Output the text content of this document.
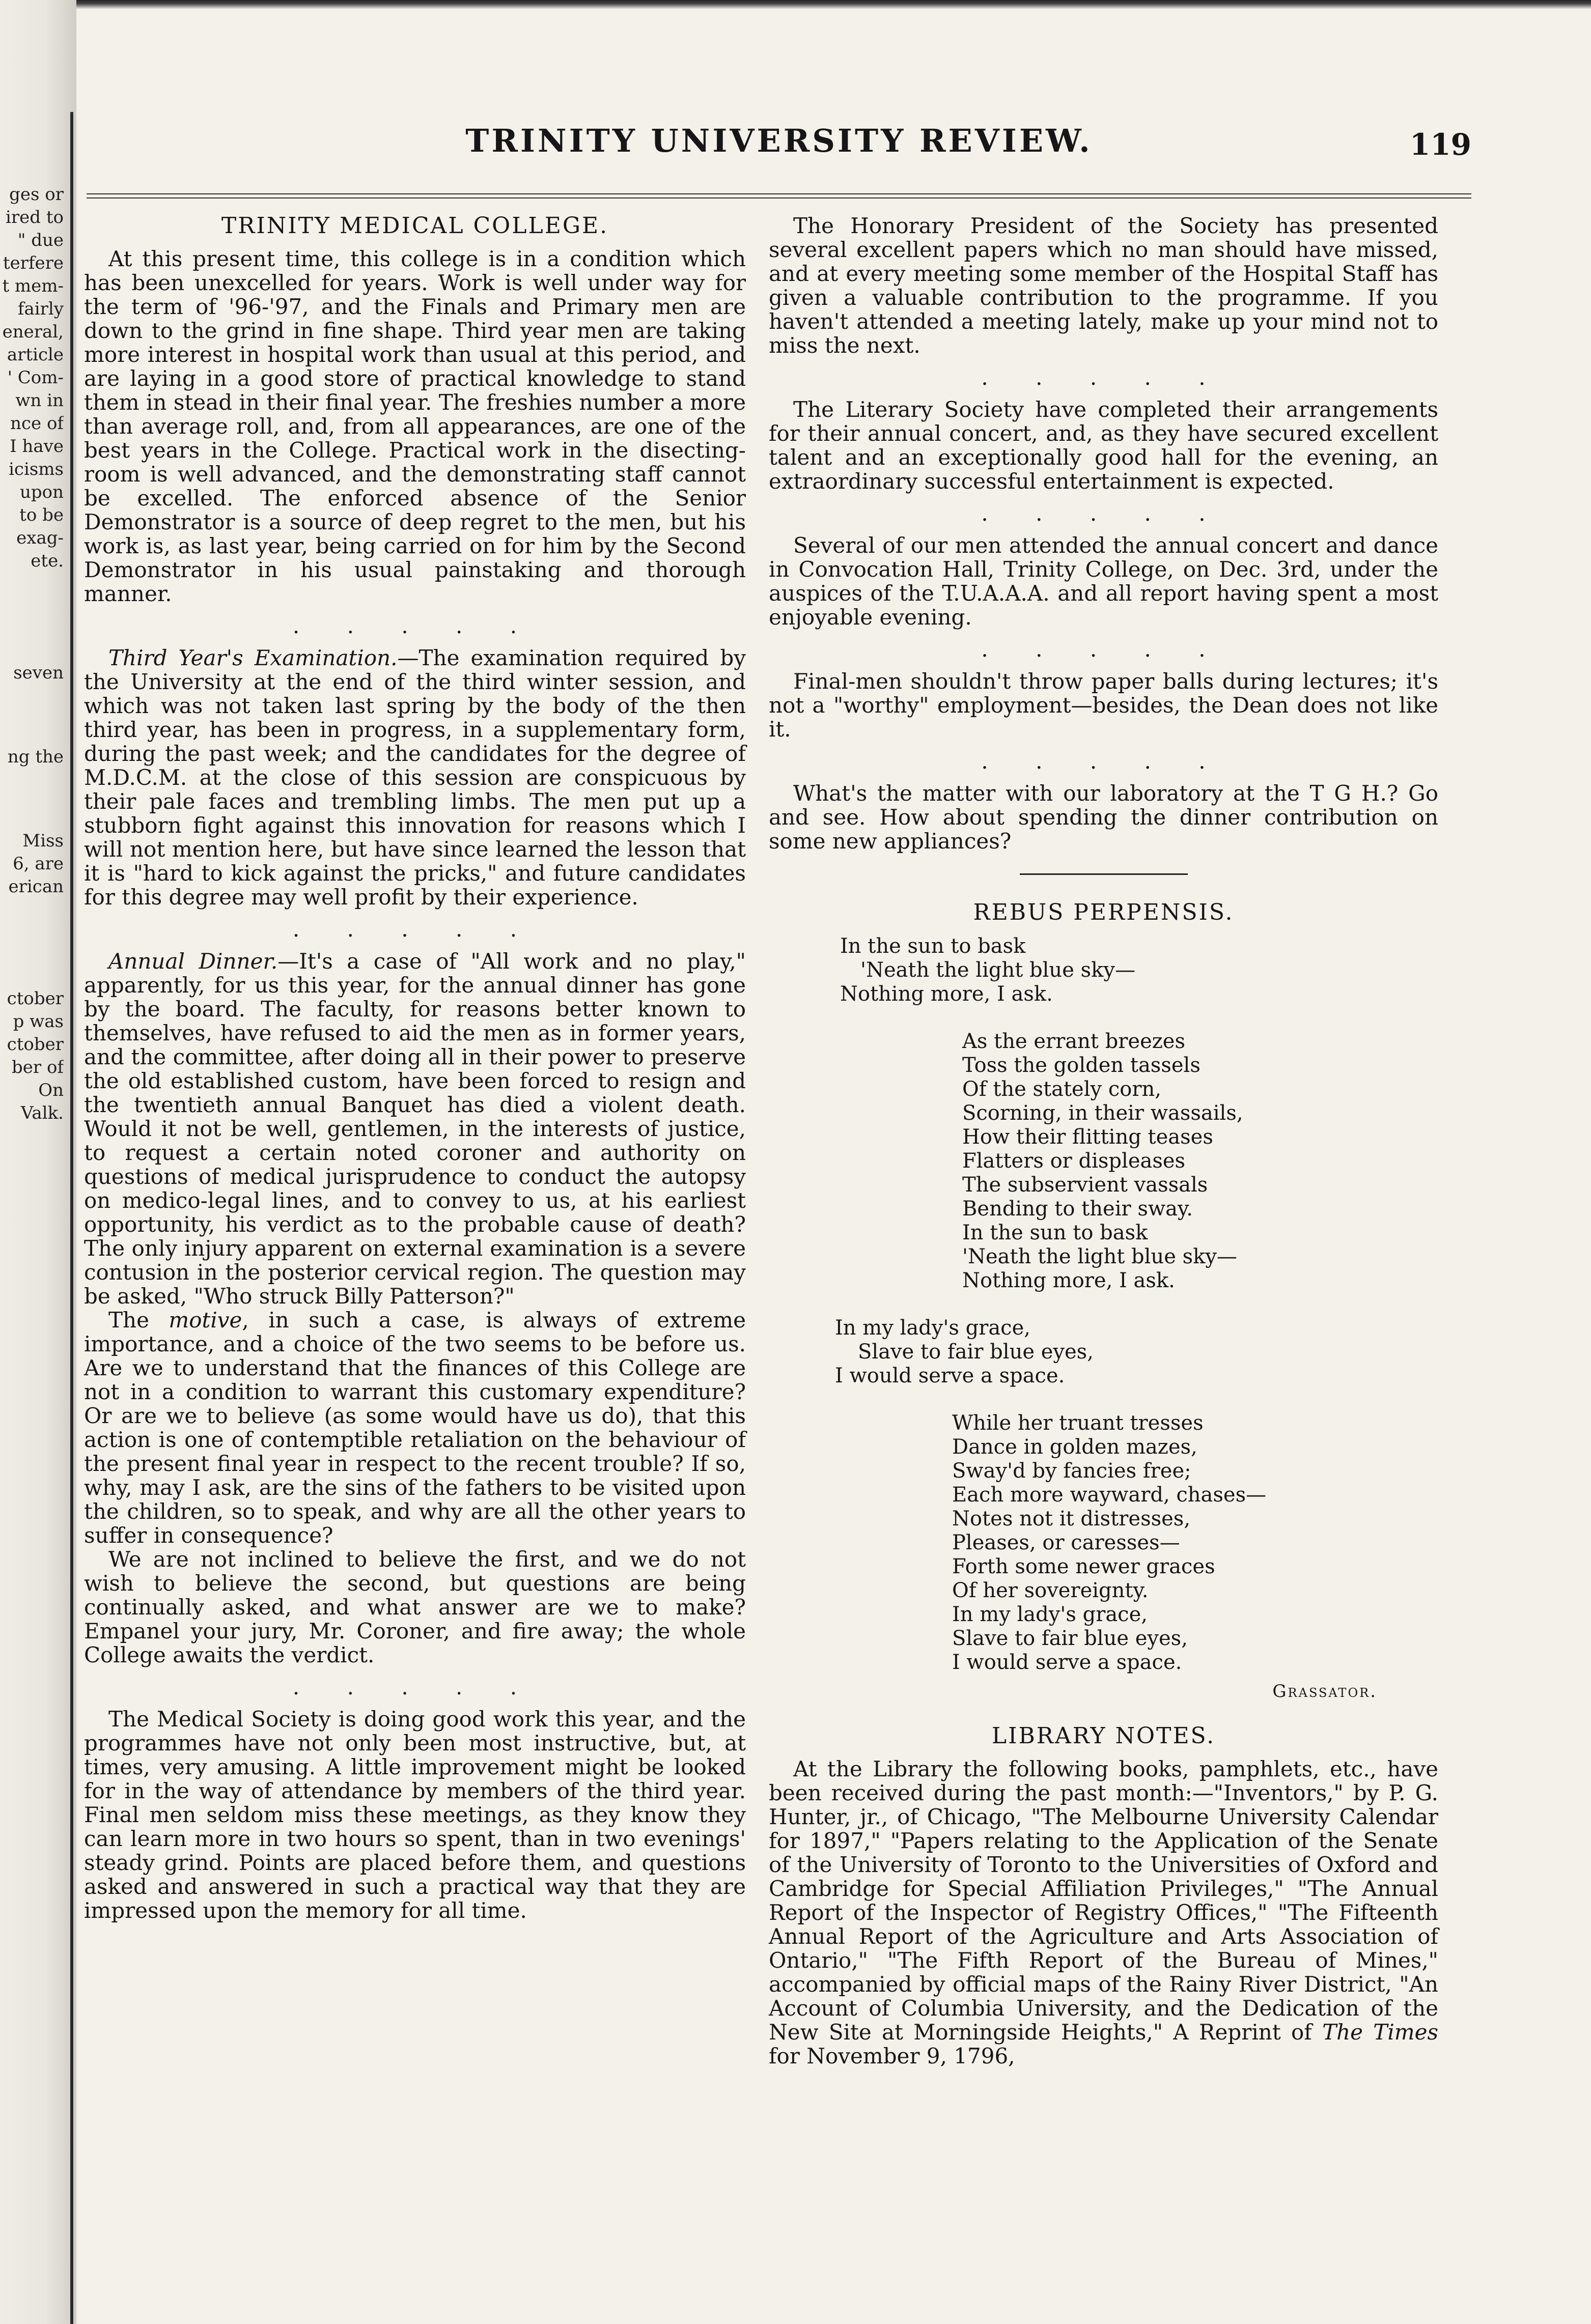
ges or
ired to
" due
terfere
t mem-
fairly
eneral,
article
' Com-
wn in
nce of
I have
icisms
upon
to be
exag-
ete.
seven
ng the
Miss
6, are
erican
ctober
p was
ctober
ber of
On
Valk.
TRINITY UNIVERSITY REVIEW.	119
TRINITY MEDICAL COLLEGE.

At this present time, this college is in a condition which has been unexcelled for years. Work is well under way for the term of '96-'97, and the Finals and Primary men are down to the grind in fine shape. Third year men are taking more interest in hospital work than usual at this period, and are laying in a good store of practical knowledge to stand them in stead in their final year. The freshies number a more than average roll, and, from all appearances, are one of the best years in the College. Practical work in the disecting-room is well advanced, and the demonstrating staff cannot be excelled. The enforced absence of the Senior Demonstrator is a source of deep regret to the men, but his work is, as last year, being carried on for him by the Second Demonstrator in his usual painstaking and thorough manner.

. . . . .

Third Year's Examination.—The examination required by the University at the end of the third winter session, and which was not taken last spring by the body of the then third year, has been in progress, in a supplementary form, during the past week; and the candidates for the degree of M.D.C.M. at the close of this session are conspicuous by their pale faces and trembling limbs. The men put up a stubborn fight against this innovation for reasons which I will not mention here, but have since learned the lesson that it is "hard to kick against the pricks," and future candidates for this degree may well profit by their experience.

. . . . .

Annual Dinner.—It's a case of "All work and no play," apparently, for us this year, for the annual dinner has gone by the board. The faculty, for reasons better known to themselves, have refused to aid the men as in former years, and the committee, after doing all in their power to preserve the old established custom, have been forced to resign and the twentieth annual Banquet has died a violent death. Would it not be well, gentlemen, in the interests of justice, to request a certain noted coroner and authority on questions of medical jurisprudence to conduct the autopsy on medico-legal lines, and to convey to us, at his earliest opportunity, his verdict as to the probable cause of death? The only injury apparent on external examination is a severe contusion in the posterior cervical region. The question may be asked, "Who struck Billy Patterson?"

The motive, in such a case, is always of extreme importance, and a choice of the two seems to be before us. Are we to understand that the finances of this College are not in a condition to warrant this customary expenditure? Or are we to believe (as some would have us do), that this action is one of contemptible retaliation on the behaviour of the present final year in respect to the recent trouble? If so, why, may I ask, are the sins of the fathers to be visited upon the children, so to speak, and why are all the other years to suffer in consequence?

We are not inclined to believe the first, and we do not wish to believe the second, but questions are being continually asked, and what answer are we to make? Empanel your jury, Mr. Coroner, and fire away; the whole College awaits the verdict.

. . . . .

The Medical Society is doing good work this year, and the programmes have not only been most instructive, but, at times, very amusing. A little improvement might be looked for in the way of attendance by members of the third year. Final men seldom miss these meetings, as they know they can learn more in two hours so spent, than in two evenings' steady grind. Points are placed before them, and questions asked and answered in such a practical way that they are impressed upon the memory for all time.

The Honorary President of the Society has presented several excellent papers which no man should have missed, and at every meeting some member of the Hospital Staff has given a valuable contribution to the programme. If you haven't attended a meeting lately, make up your mind not to miss the next.

. . . . .

The Literary Society have completed their arrangements for their annual concert, and, as they have secured excellent talent and an exceptionally good hall for the evening, an extraordinary successful entertainment is expected.

. . . . .

Several of our men attended the annual concert and dance in Convocation Hall, Trinity College, on Dec. 3rd, under the auspices of the T.U.A.A.A. and all report having spent a most enjoyable evening.

. . . . .

Final-men shouldn't throw paper balls during lectures; it's not a "worthy" employment—besides, the Dean does not like it.

. . . . .

What's the matter with our laboratory at the T G H.? Go and see. How about spending the dinner contribution on some new appliances?

REBUS PERPENSIS.
In the sun to bask
'Neath the light blue sky—
Nothing more, I ask.
As the errant breezes
Toss the golden tassels
Of the stately corn,
Scorning, in their wassails,
How their flitting teases
Flatters or displeases
The subservient vassals
Bending to their sway.
In the sun to bask
'Neath the light blue sky—
Nothing more, I ask.
In my lady's grace,
Slave to fair blue eyes,
I would serve a space.
While her truant tresses
Dance in golden mazes,
Sway'd by fancies free;
Each more wayward, chases—
Notes not it distresses,
Pleases, or caresses—
Forth some newer graces
Of her sovereignty.
In my lady's grace,
Slave to fair blue eyes,
I would serve a space.
Grassator.
LIBRARY NOTES.

At the Library the following books, pamphlets, etc., have been received during the past month:—"Inventors," by P. G. Hunter, jr., of Chicago, "The Melbourne University Calendar for 1897," "Papers relating to the Application of the Senate of the University of Toronto to the Universities of Oxford and Cambridge for Special Affiliation Privileges," "The Annual Report of the Inspector of Registry Offices," "The Fifteenth Annual Report of the Agriculture and Arts Association of Ontario," "The Fifth Report of the Bureau of Mines," accompanied by official maps of the Rainy River District, "An Account of Columbia University, and the Dedication of the New Site at Morningside Heights," A Reprint of The Times for November 9, 1796,
